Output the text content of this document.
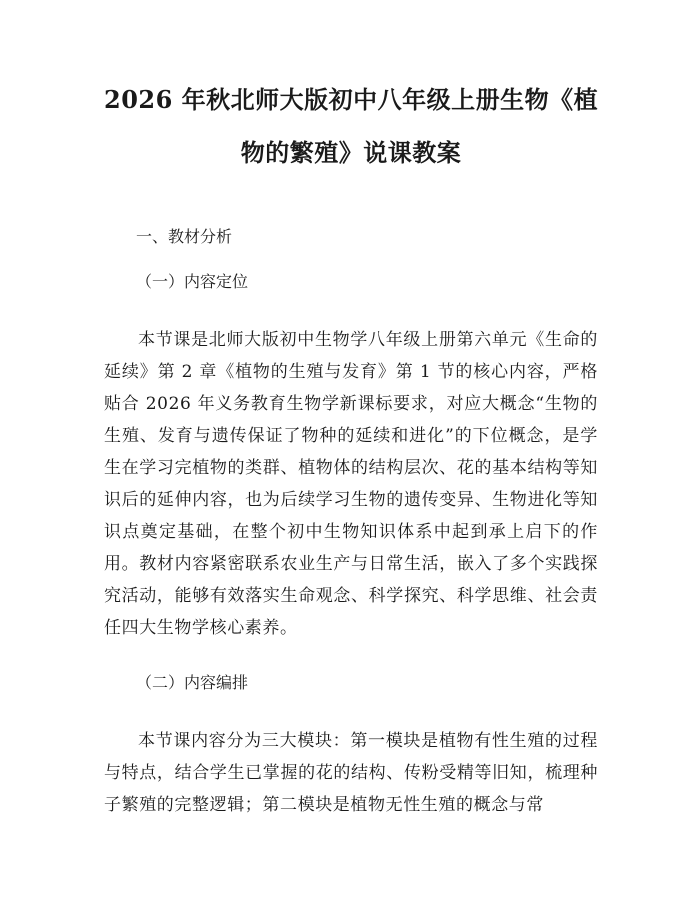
2026 年秋北师大版初中八年级上册生物《植
物的繁殖》说课教案

一、教材分析

（一）内容定位

本节课是北师大版初中生物学八年级上册第六单元《生命的延续》第 2 章《植物的生殖与发育》第 1 节的核心内容，严格贴合 2026 年义务教育生物学新课标要求，对应大概念“生物的生殖、发育与遗传保证了物种的延续和进化”的下位概念，是学生在学习完植物的类群、植物体的结构层次、花的基本结构等知识后的延伸内容，也为后续学习生物的遗传变异、生物进化等知识点奠定基础，在整个初中生物知识体系中起到承上启下的作用。教材内容紧密联系农业生产与日常生活，嵌入了多个实践探究活动，能够有效落实生命观念、科学探究、科学思维、社会责任四大生物学核心素养。

（二）内容编排

本节课内容分为三大模块：第一模块是植物有性生殖的过程与特点，结合学生已掌握的花的结构、传粉受精等旧知，梳理种子繁殖的完整逻辑；第二模块是植物无性生殖的概念与常
